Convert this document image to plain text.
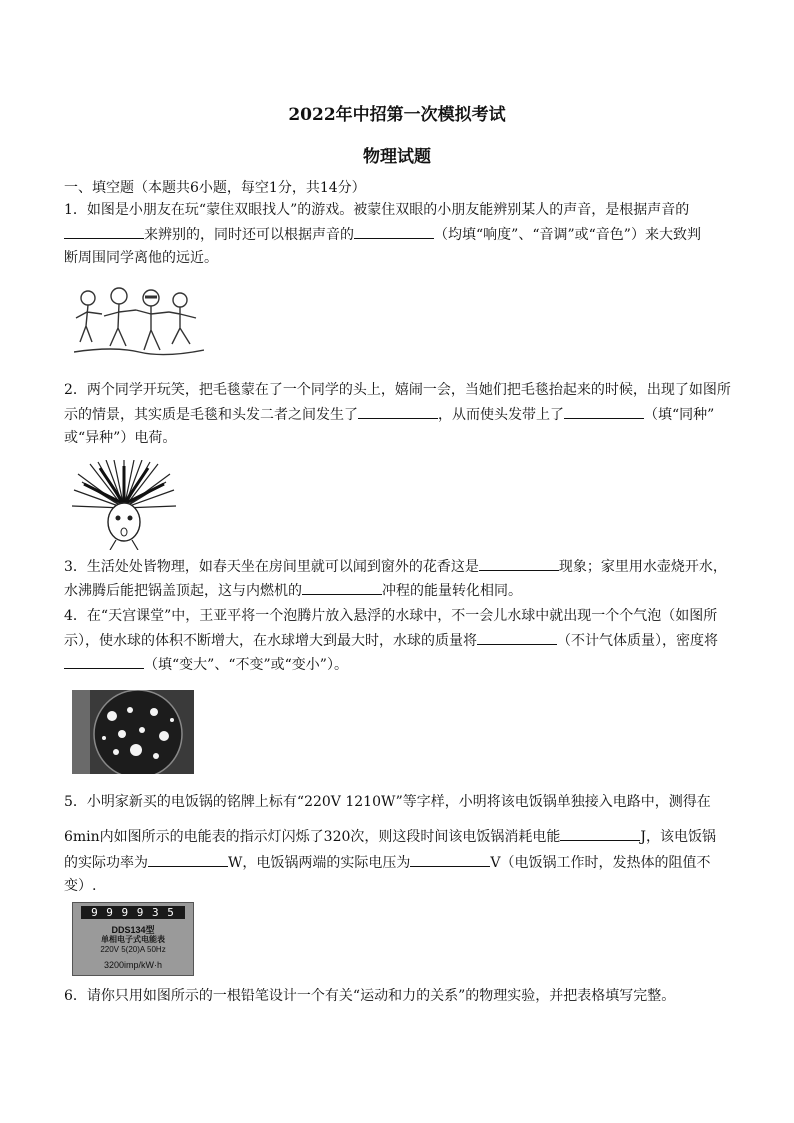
2022年中招第一次模拟考试
物理试题
一、填空题（本题共6小题，每空1分，共14分）
1．如图是小朋友在玩“蒙住双眼找人”的游戏。被蒙住双眼的小朋友能辨别某人的声音，是根据声音的
来辨别的，同时还可以根据声音的	（均填“响度”、“音调”或“音色”）来大致判
断周围同学离他的远近。
2．两个同学开玩笑，把毛毯蒙在了一个同学的头上，嬉闹一会，当她们把毛毯抬起来的时候，出现了如图所
示的情景，其实质是毛毯和头发二者之间发生了	，从而使头发带上了	（填“同种”
或“异种”）电荷。
3．生活处处皆物理，如春天坐在房间里就可以闻到窗外的花香这是	现象；家里用水壶烧开水，
水沸腾后能把锅盖顶起，这与内燃机的	冲程的能量转化相同。
4．在“天宫课堂”中，王亚平将一个泡腾片放入悬浮的水球中，不一会儿水球中就出现一个个气泡（如图所
示），使水球的体积不断增大，在水球增大到最大时，水球的质量将	（不计气体质量），密度将
（填“变大”、“不变”或“变小”）。
5．小明家新买的电饭锅的铭牌上标有“220V 1210W”等字样，小明将该电饭锅单独接入电路中，测得在
6min内如图所示的电能表的指示灯闪烁了320次，则这段时间该电饭锅消耗电能	J，该电饭锅
的实际功率为	W，电饭锅两端的实际电压为	V（电饭锅工作时，发热体的阻值不
变）.
9 9 9 9 3 5
DDS134型
单相电子式电能表
220V 5(20)A 50Hz
3200imp/kW·h
6．请你只用如图所示的一根铅笔设计一个有关“运动和力的关系”的物理实验，并把表格填写完整。
